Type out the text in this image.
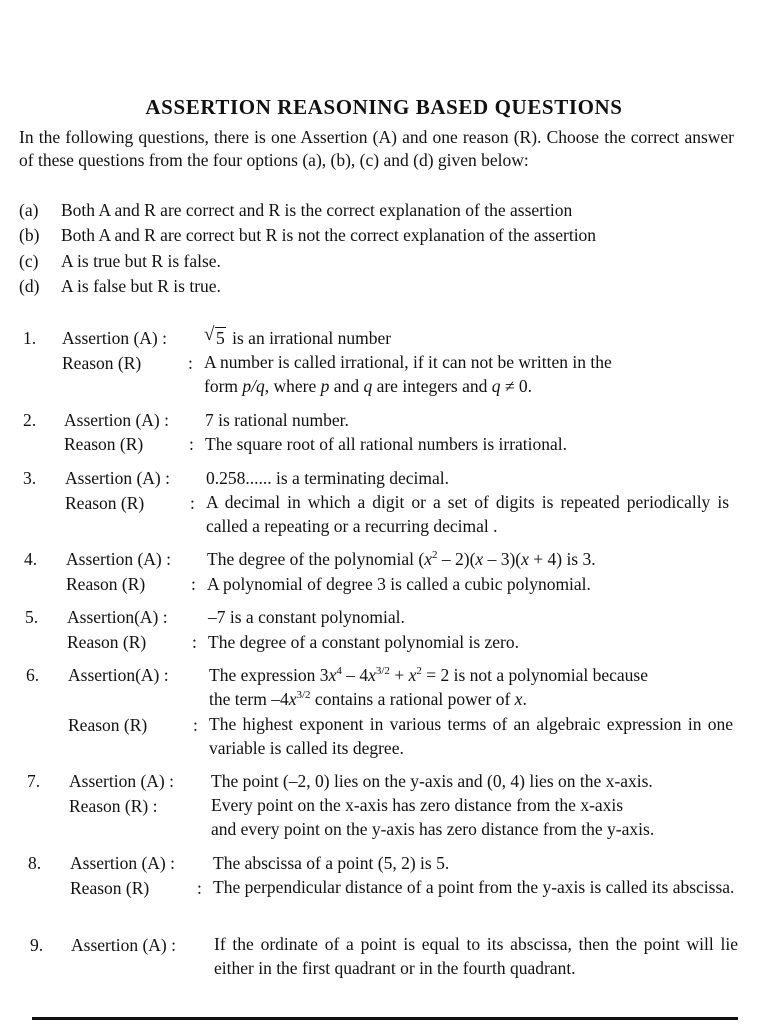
ASSERTION REASONING BASED QUESTIONS
In the following questions, there is one Assertion (A) and one reason (R). Choose the correct answer of these questions from the four options (a), (b), (c) and (d) given below:
(a) Both A and R are correct and R is the correct explanation of the assertion
(b) Both A and R are correct but R is not the correct explanation of the assertion
(c) A is true but R is false.
(d) A is false but R is true.
1. Assertion (A) : √ 5 is an irrational number
Reason (R)	: A number is called irrational, if it can not be written in the
form p/q, where p and q are integers and q ≠ 0.
2. Assertion (A) : 7 is rational number.
Reason (R)	: The square root of all rational numbers is irrational.
3. Assertion (A) : 0.258...... is a terminating decimal.
Reason (R)	: A decimal in which a digit or a set of digits is repeated periodically is called a repeating or a recurring decimal .
4. Assertion (A) : The degree of the polynomial $(x^2 - 2)(x - 3)(x + 4)$ is 3.
Reason (R)	: A polynomial of degree 3 is called a cubic polynomial.
5. Assertion(A) : –7 is a constant polynomial.
Reason (R)	: The degree of a constant polynomial is zero.
6. Assertion(A) : The expression $3x^4 - 4x^{3/2} + x^2 = 2$ is not a polynomial because
the term $-4x^{3/2}$ contains a rational power of x.
Reason (R)	: The highest exponent in various terms of an algebraic expression in one variable is called its degree.
7. Assertion (A) : The point (–2, 0) lies on the y-axis and (0, 4) lies on the x-axis.
Reason (R) :	Every point on the x-axis has zero distance from the x-axis
and every point on the y-axis has zero distance from the y-axis.
8. Assertion (A) : The abscissa of a point (5, 2) is 5.
Reason (R)	: The perpendicular distance of a point from the y-axis is called its abscissa.
9. Assertion (A) : If the ordinate of a point is equal to its abscissa, then the point will lie either in the first quadrant or in the fourth quadrant.
